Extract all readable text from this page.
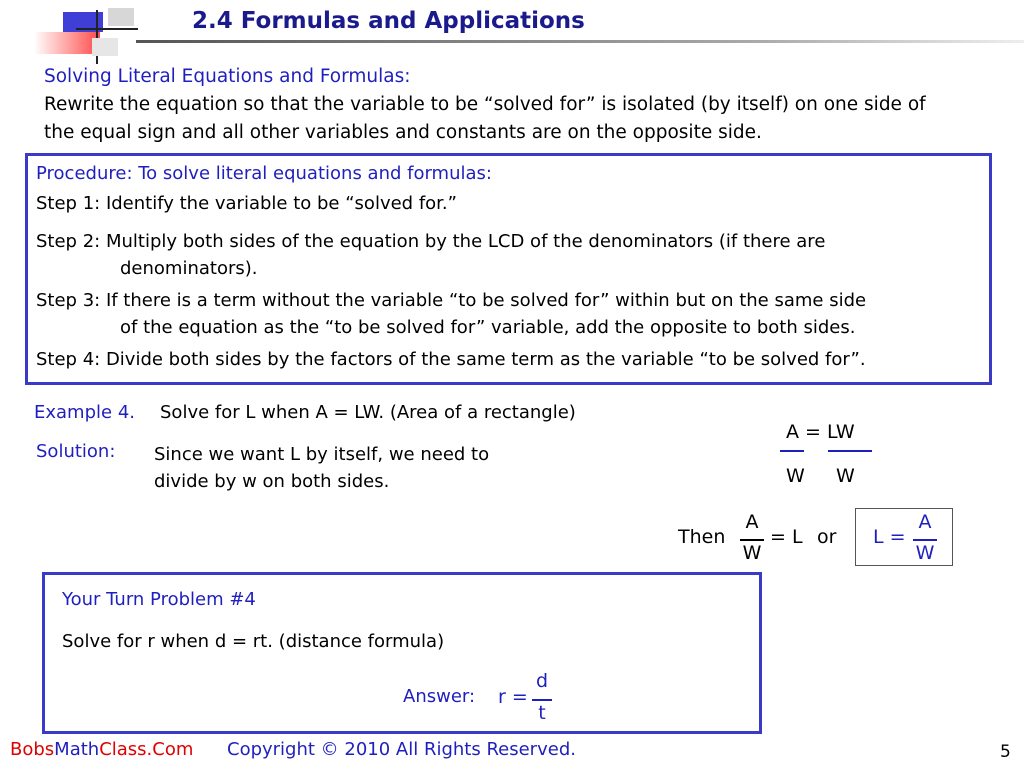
2.4 Formulas and Applications
Solving Literal Equations and Formulas:
Rewrite the equation so that the variable to be “solved for” is isolated (by itself) on one side of
the equal sign and all other variables and constants are on the opposite side.
Procedure: To solve literal equations and formulas:
Step 1: Identify the variable to be “solved for.”
Step 2: Multiply both sides of the equation by the LCD of the denominators (if there are
denominators).
Step 3: If there is a term without the variable “to be solved for” within but on the same side
of the equation as the “to be solved for” variable, add the opposite to both sides.
Step 4: Divide both sides by the factors of the same term as the variable “to be solved for”.
Example 4. Solve for L when A = LW. (Area of a rectangle)
Solution: Since we want L by itself, we need to
divide by w on both sides.
A = LW
W W
Then
A
W
= L or L =
A
W
Your Turn Problem #4
Solve for r when d = rt. (distance formula)
Answer: r =
d
t
BobsMathClass.Com Copyright © 2010 All Rights Reserved.	5
